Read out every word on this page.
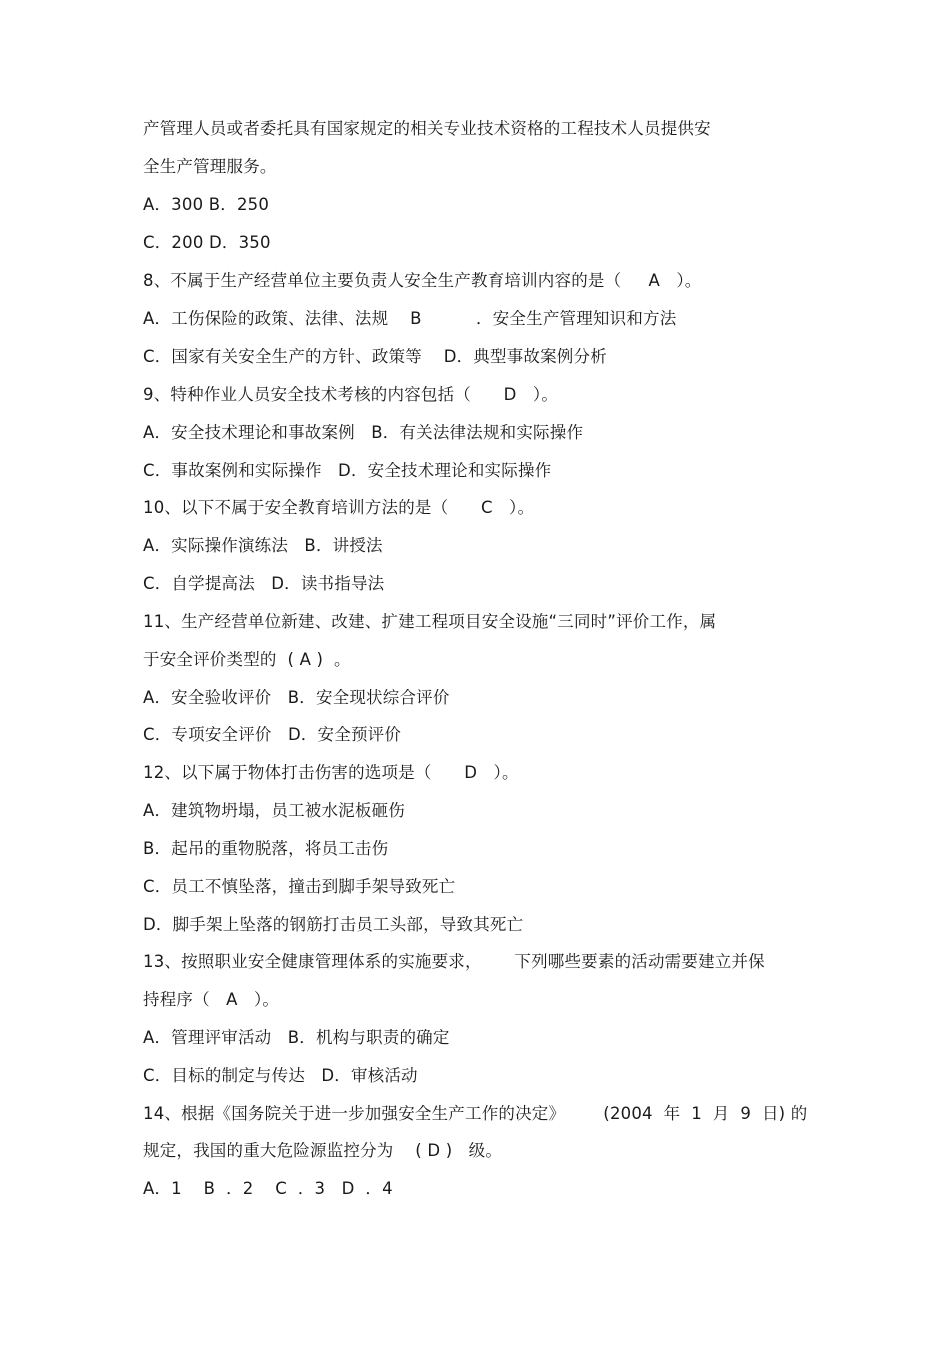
产管理人员或者委托具有国家规定的相关专业技术资格的工程技术人员提供安
全生产管理服务。
A．300 B．250
C．200 D．350
8、不属于生产经营单位主要负责人安全生产教育培训内容的是（     A   ）。
A．工伤保险的政策、法律、法规    B          ．安全生产管理知识和方法
C．国家有关安全生产的方针、政策等    D．典型事故案例分析
9、特种作业人员安全技术考核的内容包括（      D   ）。
A．安全技术理论和事故案例   B．有关法律法规和实际操作
C．事故案例和实际操作   D．安全技术理论和实际操作
10、以下不属于安全教育培训方法的是（      C   ）。
A．实际操作演练法   B．讲授法
C．自学提高法   D．读书指导法
11、生产经营单位新建、改建、扩建工程项目安全设施“三同时”评价工作，属
于安全评价类型的  ( A )  。
A．安全验收评价   B．安全现状综合评价
C．专项安全评价   D．安全预评价
12、以下属于物体打击伤害的选项是（      D   ）。
A．建筑物坍塌，员工被水泥板砸伤
B．起吊的重物脱落，将员工击伤
C．员工不慎坠落，撞击到脚手架导致死亡
D．脚手架上坠落的钢筋打击员工头部，导致其死亡
13、按照职业安全健康管理体系的实施要求，      下列哪些要素的活动需要建立并保
持程序（   A   ）。
A．管理评审活动   B．机构与职责的确定
C．目标的制定与传达   D．审核活动
14、根据《国务院关于进一步加强安全生产工作的决定》       (2004  年  1  月  9  日) 的
规定，我国的重大危险源监控分为    ( D )   级。
A．1    B  ．2    C  ．3   D  ．4
